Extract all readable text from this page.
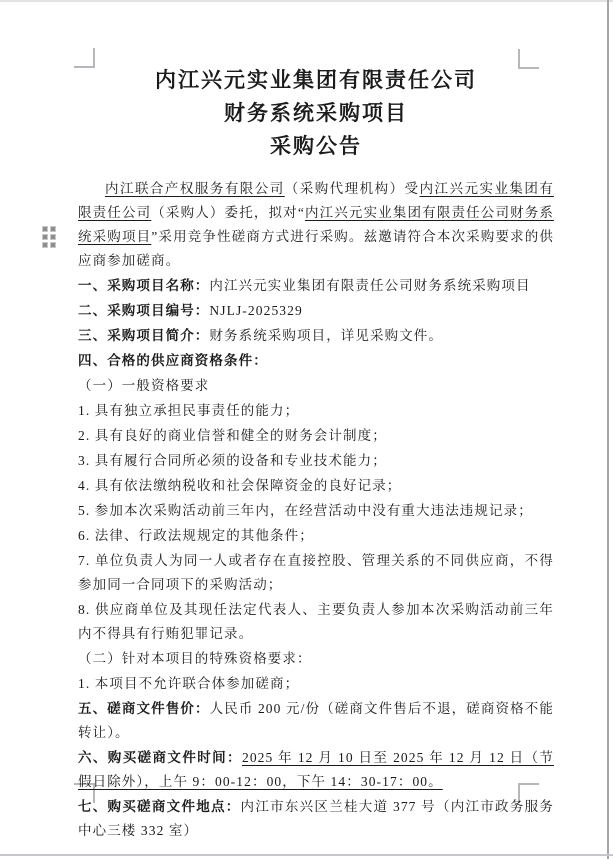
内江兴元实业集团有限责任公司
财务系统采购项目
采购公告

内江联合产权服务有限公司（采购代理机构）受内江兴元实业集团有限责任公司（采购人）委托，拟对“内江兴元实业集团有限责任公司财务系统采购项目”采用竞争性磋商方式进行采购。兹邀请符合本次采购要求的供应商参加磋商。

一、采购项目名称：内江兴元实业集团有限责任公司财务系统采购项目

二、采购项目编号：NJLJ-2025329

三、采购项目简介：财务系统采购项目，详见采购文件。

四、合格的供应商资格条件：

（一）一般资格要求

1. 具有独立承担民事责任的能力；

2. 具有良好的商业信誉和健全的财务会计制度；

3. 具有履行合同所必须的设备和专业技术能力；

4. 具有依法缴纳税收和社会保障资金的良好记录；

5. 参加本次采购活动前三年内，在经营活动中没有重大违法违规记录；

6. 法律、行政法规规定的其他条件；

7. 单位负责人为同一人或者存在直接控股、管理关系的不同供应商，不得参加同一合同项下的采购活动；

8. 供应商单位及其现任法定代表人、主要负责人参加本次采购活动前三年内不得具有行贿犯罪记录。

（二）针对本项目的特殊资格要求：

1. 本项目不允许联合体参加磋商；

五、磋商文件售价：人民币 200 元/份（磋商文件售后不退，磋商资格不能转让）。

六、购买磋商文件时间：2025 年 12 月 10 日至 2025 年 12 月 12 日（节假日除外），上午 9：00-12：00，下午 14：30-17：00。

七、购买磋商文件地点：内江市东兴区兰桂大道 377 号（内江市政务服务中心三楼 332 室）
